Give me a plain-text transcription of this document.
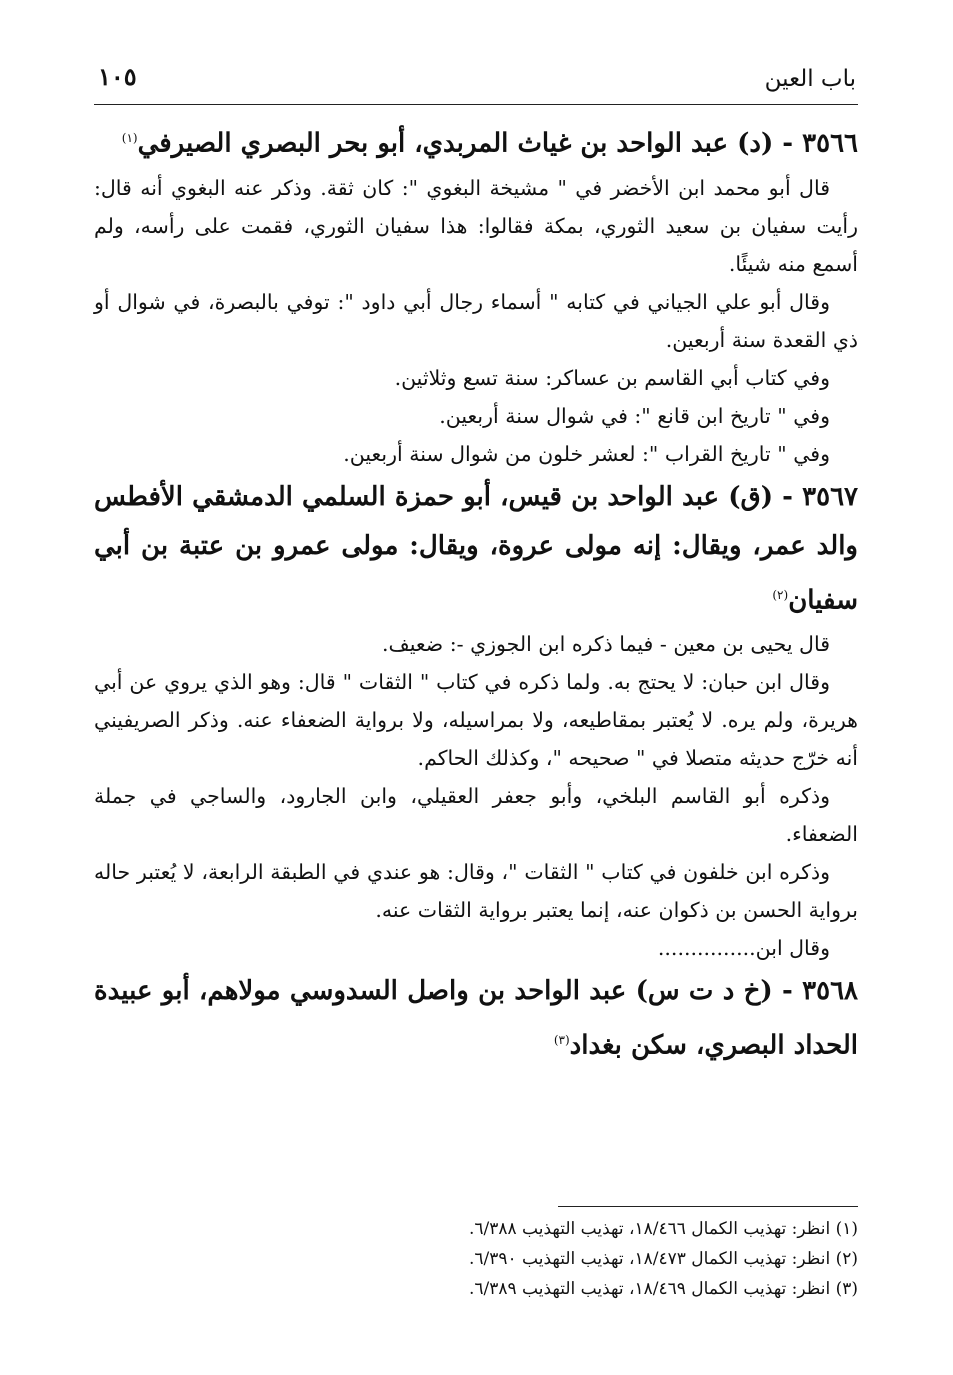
باب العين
١٠٥

٣٥٦٦ - (د) عبد الواحد بن غياث المربدي، أبو بحر البصري الصيرفي$^{(١)}$

قال أبو محمد ابن الأخضر في " مشيخة البغوي ": كان ثقة. وذكر عنه البغوي أنه قال: رأيت سفيان بن سعيد الثوري، بمكة فقالوا: هذا سفيان الثوري، فقمت على رأسه، ولم أسمع منه شيئًا.

وقال أبو علي الجياني في كتابه " أسماء رجال أبي داود ": توفي بالبصرة، في شوال أو ذي القعدة سنة أربعين.

وفي كتاب أبي القاسم بن عساكر: سنة تسع وثلاثين.

وفي " تاريخ ابن قانع ": في شوال سنة أربعين.

وفي " تاريخ القراب ": لعشر خلون من شوال سنة أربعين.

٣٥٦٧ - (ق) عبد الواحد بن قيس، أبو حمزة السلمي الدمشقي الأفطس والد عمر، ويقال: إنه مولى عروة، ويقال: مولى عمرو بن عتبة بن أبي سفيان$^{(٢)}$

قال يحيى بن معين - فيما ذكره ابن الجوزي -: ضعيف.

وقال ابن حبان: لا يحتج به. ولما ذكره في كتاب " الثقات " قال: وهو الذي يروي عن أبي هريرة، ولم يره. لا يُعتبر بمقاطيعه، ولا بمراسيله، ولا برواية الضعفاء عنه. وذكر الصريفيني أنه خرّج حديثه متصلا في " صحيحه "، وكذلك الحاكم.

وذكره أبو القاسم البلخي، وأبو جعفر العقيلي، وابن الجارود، والساجي في جملة الضعفاء.

وذكره ابن خلفون في كتاب " الثقات "، وقال: هو عندي في الطبقة الرابعة، لا يُعتبر حاله برواية الحسن بن ذكوان عنه، إنما يعتبر برواية الثقات عنه.

وقال ابن...............

٣٥٦٨ - (خ د ت س) عبد الواحد بن واصل السدوسي مولاهم، أبو عبيدة الحداد البصري، سكن بغداد$^{(٣)}$

(١) انظر: تهذيب الكمال ١٨/٤٦٦، تهذيب التهذيب ٦/٣٨٨.

(٢) انظر: تهذيب الكمال ١٨/٤٧٣، تهذيب التهذيب ٦/٣٩٠.

(٣) انظر: تهذيب الكمال ١٨/٤٦٩، تهذيب التهذيب ٦/٣٨٩.
